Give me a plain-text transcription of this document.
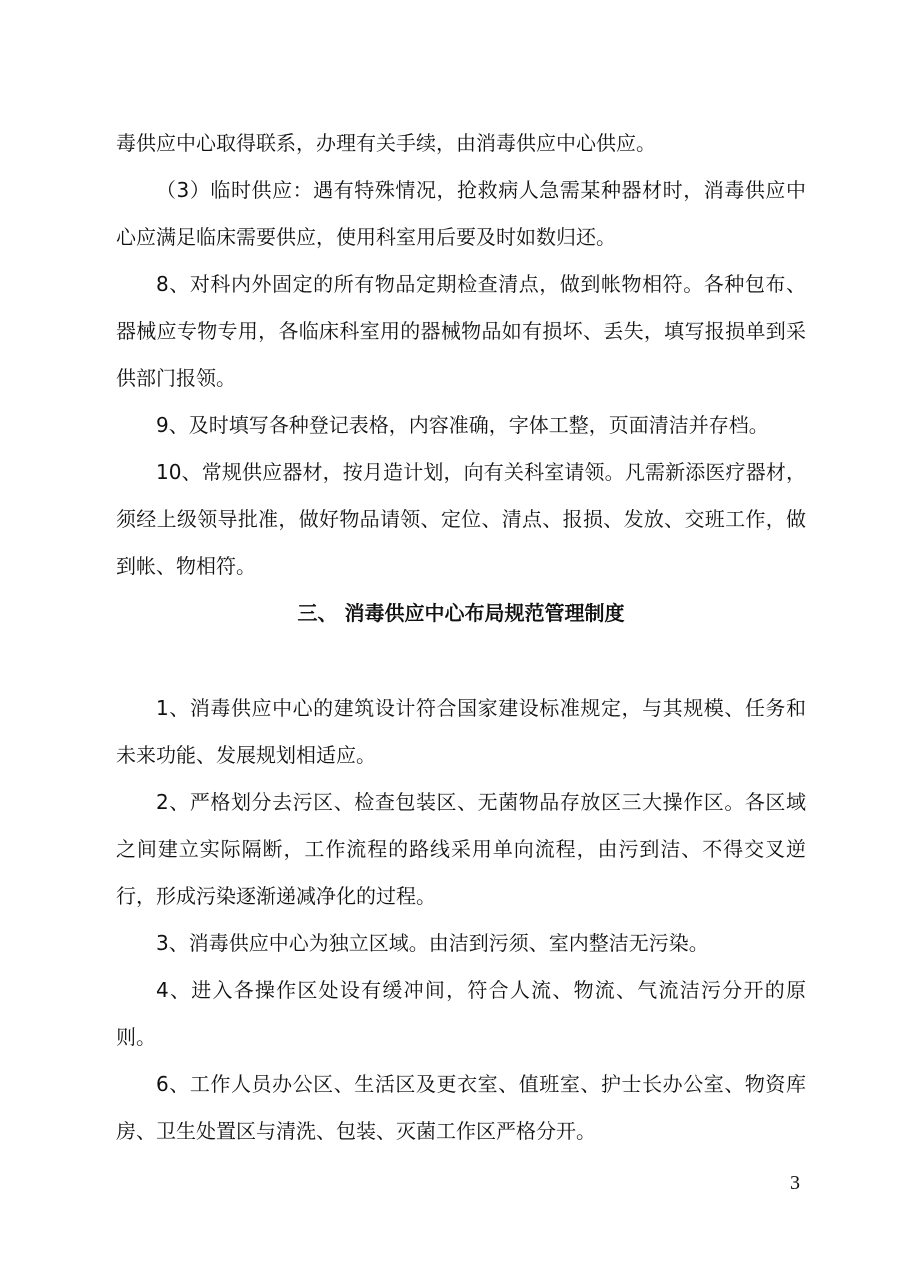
毒供应中心取得联系，办理有关手续，由消毒供应中心供应。

（3）临时供应：遇有特殊情况，抢救病人急需某种器材时，消毒供应中心应满足临床需要供应，使用科室用后要及时如数归还。

8、对科内外固定的所有物品定期检查清点，做到帐物相符。各种包布、器械应专物专用，各临床科室用的器械物品如有损坏、丢失，填写报损单到采供部门报领。

9、及时填写各种登记表格，内容准确，字体工整，页面清洁并存档。

10、常规供应器材，按月造计划，向有关科室请领。凡需新添医疗器材，须经上级领导批准，做好物品请领、定位、清点、报损、发放、交班工作，做到帐、物相符。

三、 消毒供应中心布局规范管理制度

1、消毒供应中心的建筑设计符合国家建设标准规定，与其规模、任务和未来功能、发展规划相适应。

2、严格划分去污区、检查包装区、无菌物品存放区三大操作区。各区域之间建立实际隔断，工作流程的路线采用单向流程，由污到洁、不得交叉逆行，形成污染逐渐递减净化的过程。

3、消毒供应中心为独立区域。由洁到污须、室内整洁无污染。

4、进入各操作区处设有缓冲间，符合人流、物流、气流洁污分开的原则。

6、工作人员办公区、生活区及更衣室、值班室、护士长办公室、物资库房、卫生处置区与清洗、包装、灭菌工作区严格分开。

3
